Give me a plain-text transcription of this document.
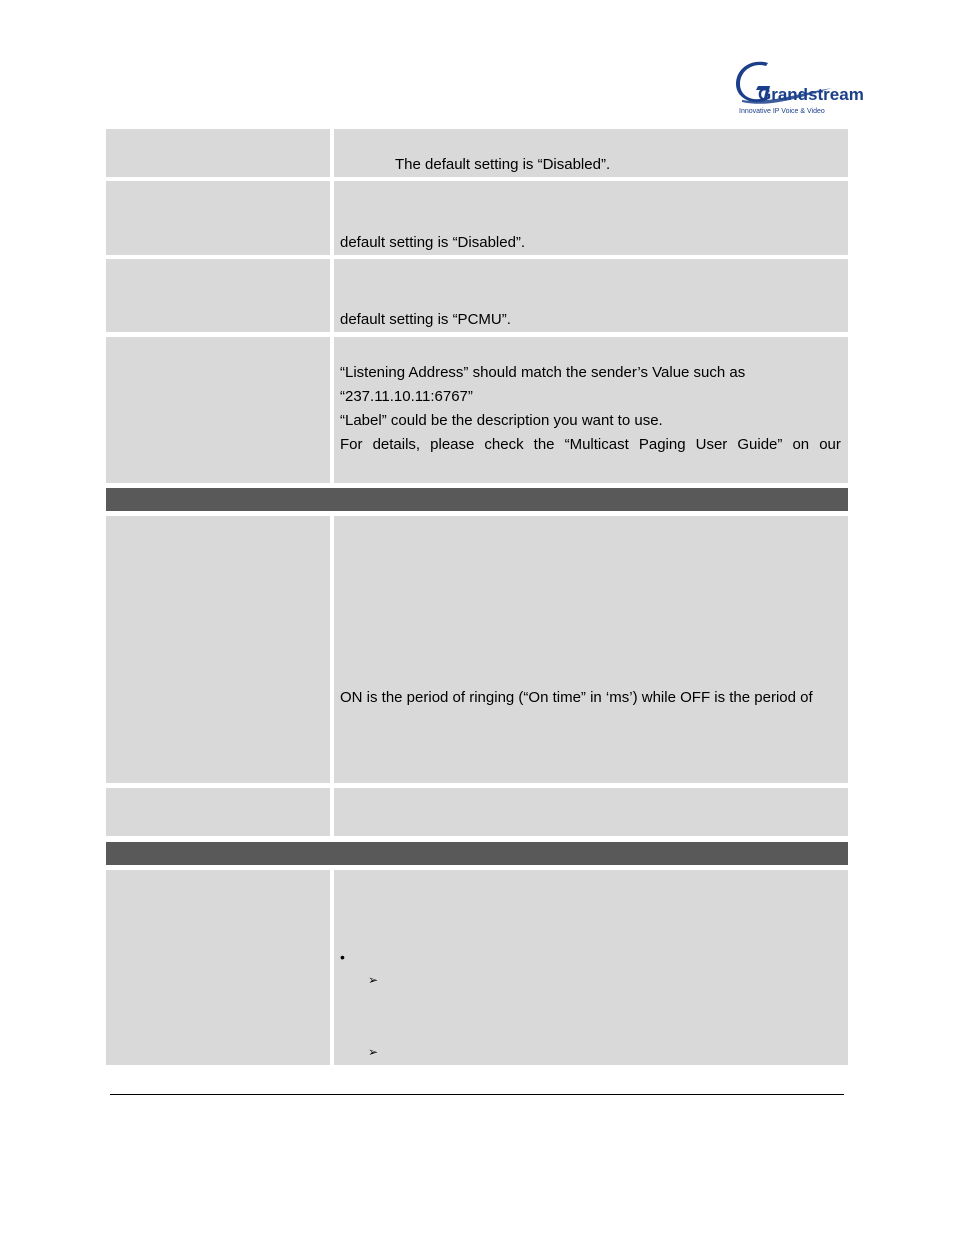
Grandstream
Innovative IP Voice & Video
The default setting is “Disabled”.
default setting is “Disabled”.
default setting is “PCMU”.
“Listening Address” should match the sender’s Value such as
“237.11.10.11:6767”
“Label” could be the description you want to use.
For details, please check the “Multicast Paging User Guide” on our
ON is the period of ringing (“On time” in ‘ms’) while OFF is the period of
•
➢
➢
